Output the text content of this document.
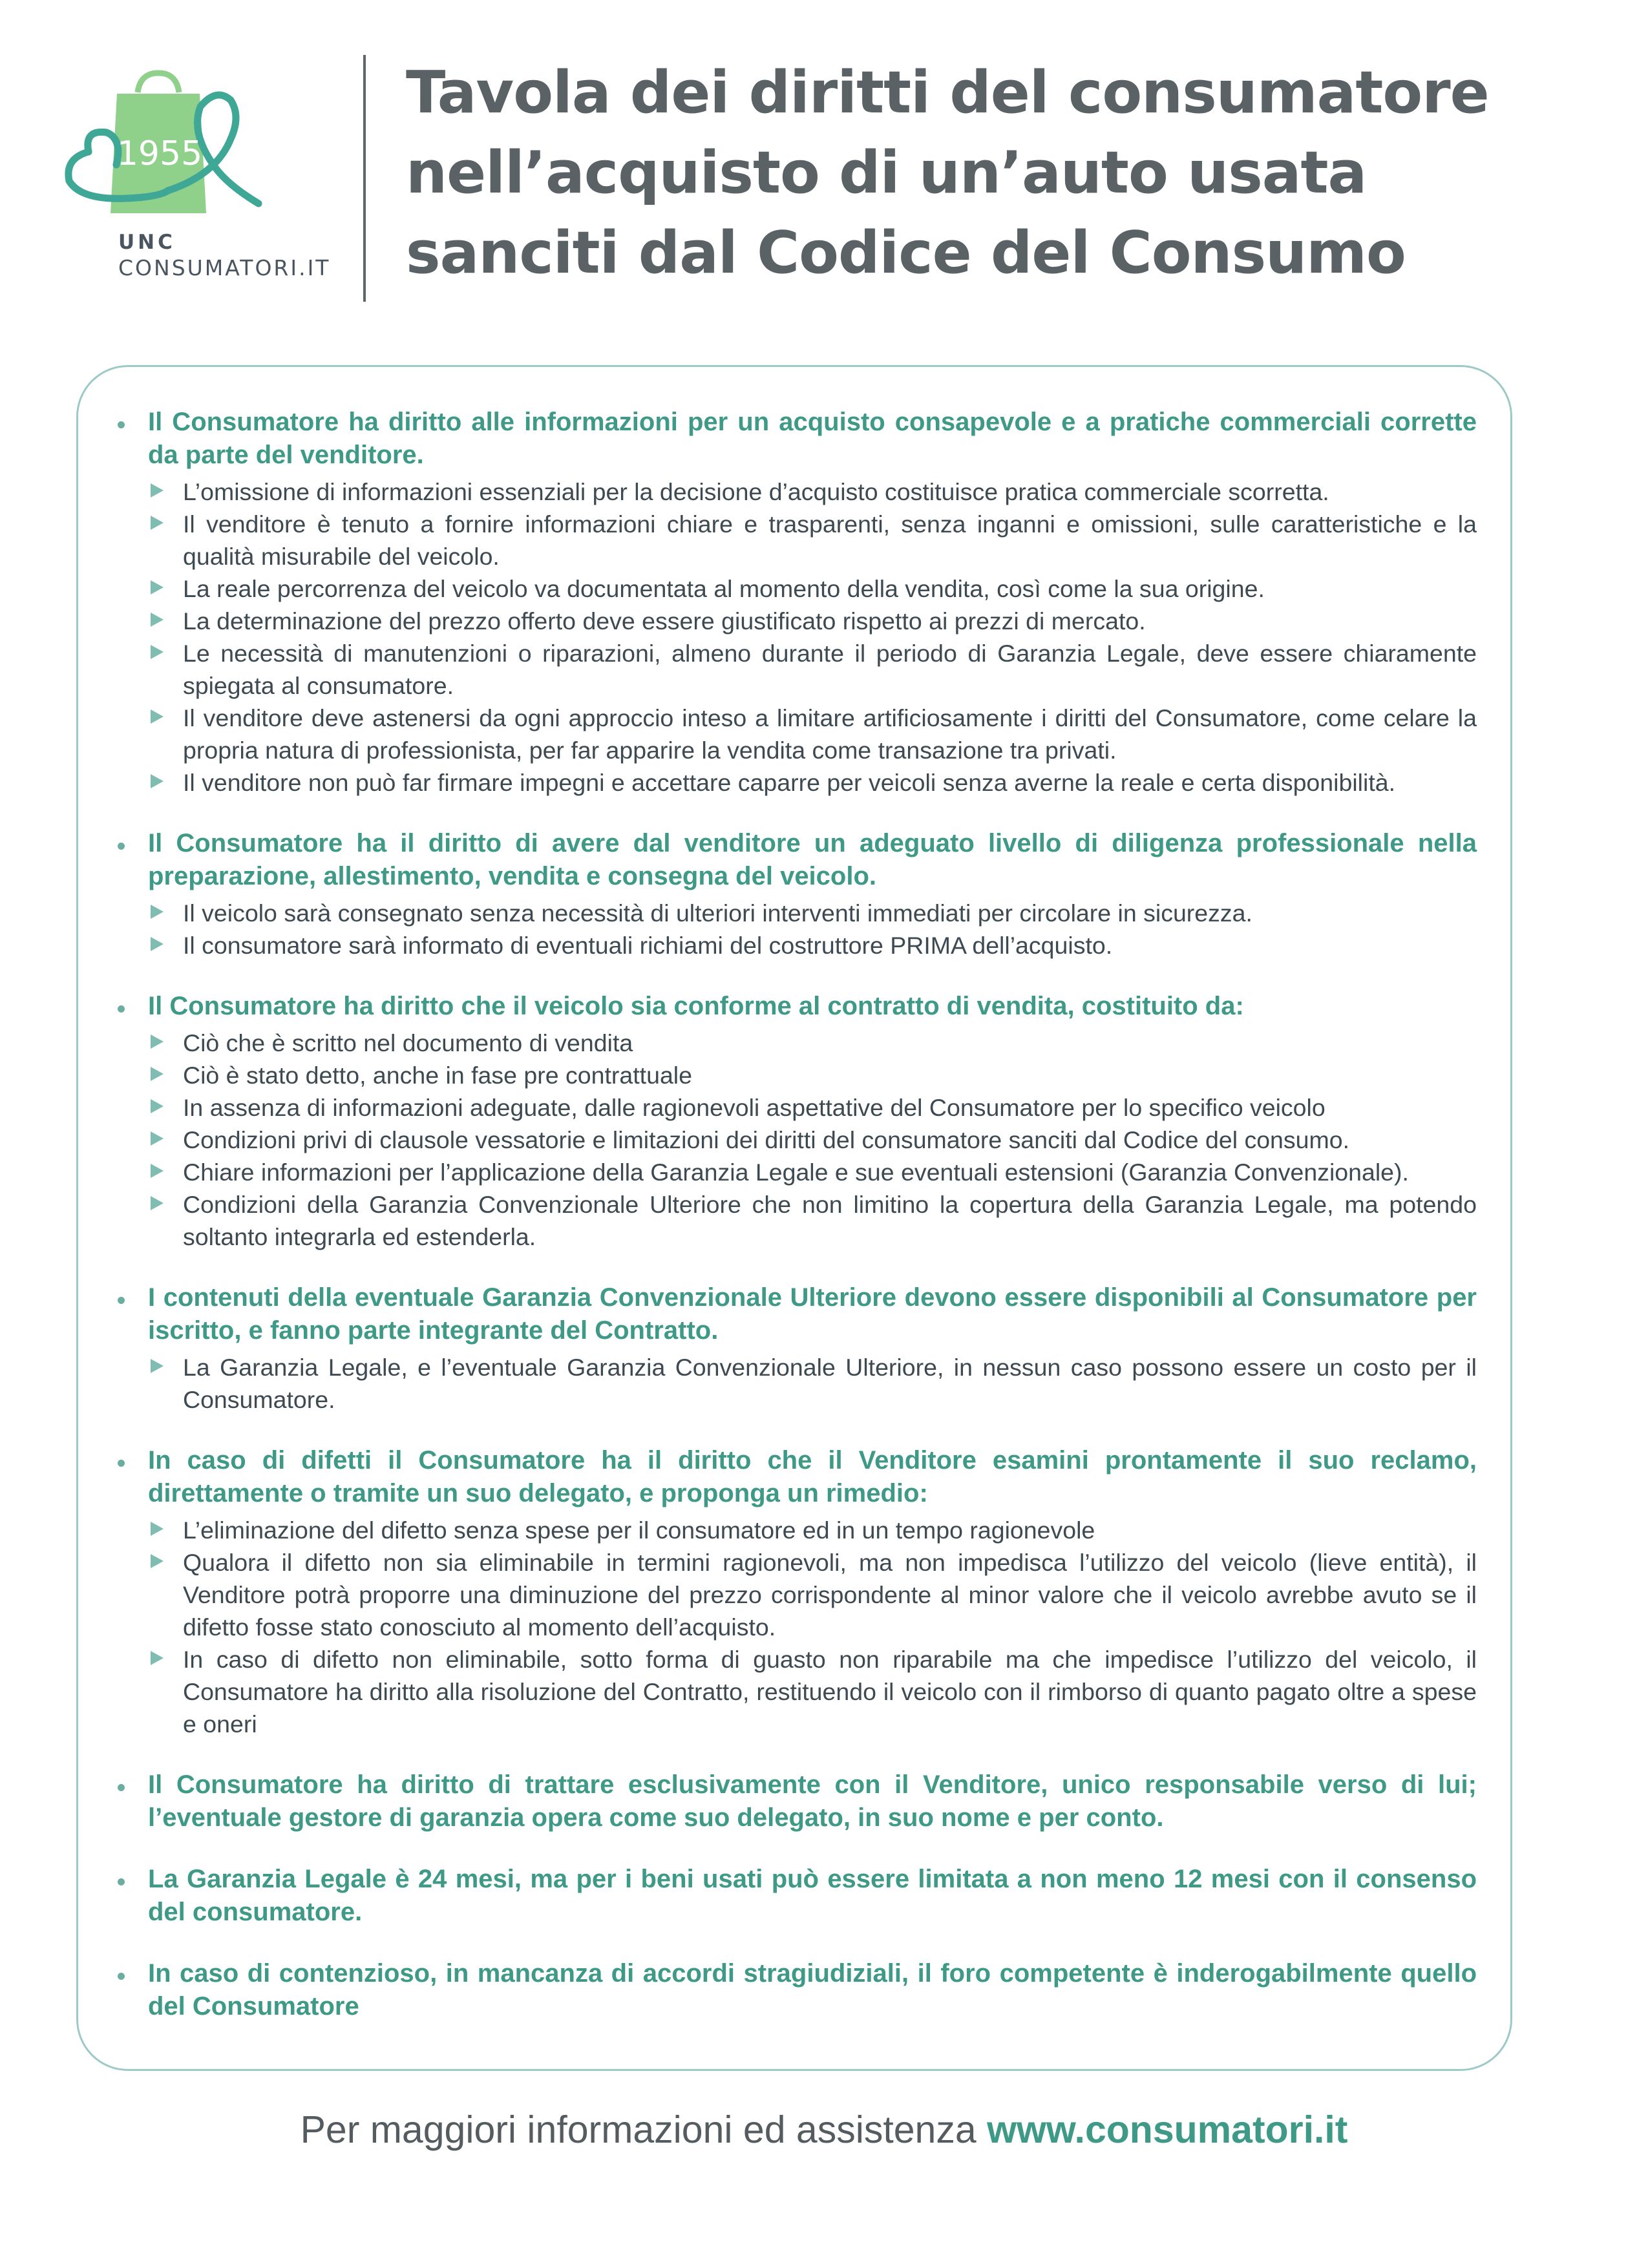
1955
UNC
CONSUMATORI.IT
Tavola dei diritti del consumatore
nell’acquisto di un’auto usata
sanciti dal Codice del Consumo
Il Consumatore ha diritto alle informazioni per un acquisto consapevole e a pratiche commerciali corrette da parte del venditore.
L’omissione di informazioni essenziali per la decisione d’acquisto costituisce pratica commerciale scorretta.
Il venditore è tenuto a fornire informazioni chiare e trasparenti, senza inganni e omissioni, sulle caratteristiche e la qualità misurabile del veicolo.
La reale percorrenza del veicolo va documentata al momento della vendita, così come la sua origine.
La determinazione del prezzo offerto deve essere giustificato rispetto ai prezzi di mercato.
Le necessità di manutenzioni o riparazioni, almeno durante il periodo di Garanzia Legale, deve essere chiaramente spiegata al consumatore.
Il venditore deve astenersi da ogni approccio inteso a limitare artificiosamente i diritti del Consumatore, come celare la propria natura di professionista, per far apparire la vendita come transazione tra privati.
Il venditore non può far firmare impegni e accettare caparre per veicoli senza averne la reale e certa disponibilità.
Il Consumatore ha il diritto di avere dal venditore un adeguato livello di diligenza professionale nella preparazione, allestimento, vendita e consegna del veicolo.
Il veicolo sarà consegnato senza necessità di ulteriori interventi immediati per circolare in sicurezza.
Il consumatore sarà informato di eventuali richiami del costruttore PRIMA dell’acquisto.
Il Consumatore ha diritto che il veicolo sia conforme al contratto di vendita, costituito da:
Ciò che è scritto nel documento di vendita
Ciò è stato detto, anche in fase pre contrattuale
In assenza di informazioni adeguate, dalle ragionevoli aspettative del Consumatore per lo specifico veicolo
Condizioni privi di clausole vessatorie e limitazioni dei diritti del consumatore sanciti dal Codice del consumo.
Chiare informazioni per l’applicazione della Garanzia Legale e sue eventuali estensioni (Garanzia Convenzionale).
Condizioni della Garanzia Convenzionale Ulteriore che non limitino la copertura della Garanzia Legale, ma potendo soltanto integrarla ed estenderla.
I contenuti della eventuale Garanzia Convenzionale Ulteriore devono essere disponibili al Consumatore per iscritto, e fanno parte integrante del Contratto.
La Garanzia Legale, e l’eventuale Garanzia Convenzionale Ulteriore, in nessun caso possono essere un costo per il Consumatore.
In caso di difetti il Consumatore ha il diritto che il Venditore esamini prontamente il suo reclamo, direttamente o tramite un suo delegato, e proponga un rimedio:
L’eliminazione del difetto senza spese per il consumatore ed in un tempo ragionevole
Qualora il difetto non sia eliminabile in termini ragionevoli, ma non impedisca l’utilizzo del veicolo (lieve entità), il Venditore potrà proporre una diminuzione del prezzo corrispondente al minor valore che il veicolo avrebbe avuto se il difetto fosse stato conosciuto al momento dell’acquisto.
In caso di difetto non eliminabile, sotto forma di guasto non riparabile ma che impedisce l’utilizzo del veicolo, il Consumatore ha diritto alla risoluzione del Contratto, restituendo il veicolo con il rimborso di quanto pagato oltre a spese e oneri
Il Consumatore ha diritto di trattare esclusivamente con il Venditore, unico responsabile verso di lui; l’eventuale gestore di garanzia opera come suo delegato, in suo nome e per conto.
La Garanzia Legale è 24 mesi, ma per i beni usati può essere limitata a non meno 12 mesi con il consenso del consumatore.
In caso di contenzioso, in mancanza di accordi stragiudiziali, il foro competente è inderogabilmente quello del Consumatore
Per maggiori informazioni ed assistenza www.consumatori.it
